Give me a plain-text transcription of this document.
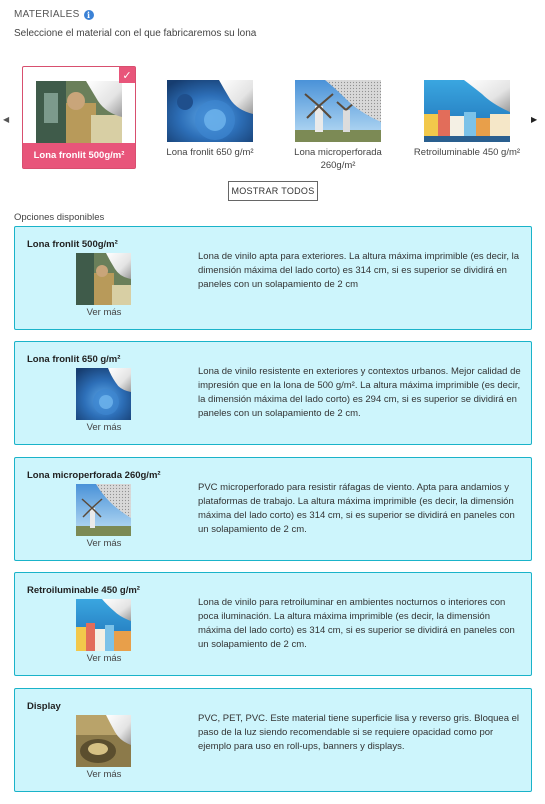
MATERIALES i
Seleccione el material con el que fabricaremos su lona
◀
✓
Lona fronlit 500g/m²	Lona fronlit 650 g/m²	Lona microperforada 260g/m²
Retroiluminable 450 g/m²
▶
MOSTRAR TODOS
Opciones disponibles
Lona fronlit 500g/m²
Ver más
Lona de vinilo apta para exteriores. La altura máxima imprimible (es decir, la dimensión máxima del lado corto) es 314 cm, si es superior se dividirá en paneles con un solapamiento de 2 cm
Lona fronlit 650 g/m²
Ver más
Lona de vinilo resistente en exteriores y contextos urbanos. Mejor calidad de impresión que en la lona de 500 g/m². La altura máxima imprimible (es decir, la dimensión máxima del lado corto) es 294 cm, si es superior se dividirá en paneles con un solapamiento de 2 cm.
Lona microperforada 260g/m²
Ver más
PVC microperforado para resistir ráfagas de viento. Apta para andamios y plataformas de trabajo. La altura máxima imprimible (es decir, la dimensión máxima del lado corto) es 314 cm, si es superior se dividirá en paneles con un solapamiento de 2 cm.
Retroiluminable 450 g/m²
Ver más
Lona de vinilo para retroiluminar en ambientes nocturnos o interiores con poca iluminación. La altura máxima imprimible (es decir, la dimensión máxima del lado corto) es 314 cm, si es superior se dividirá en paneles con un solapamiento de 2 cm.
Display
Ver más
PVC, PET, PVC. Este material tiene superficie lisa y reverso gris. Bloquea el paso de la luz siendo recomendable si se requiere opacidad como por ejemplo para uso en roll-ups, banners y displays.
